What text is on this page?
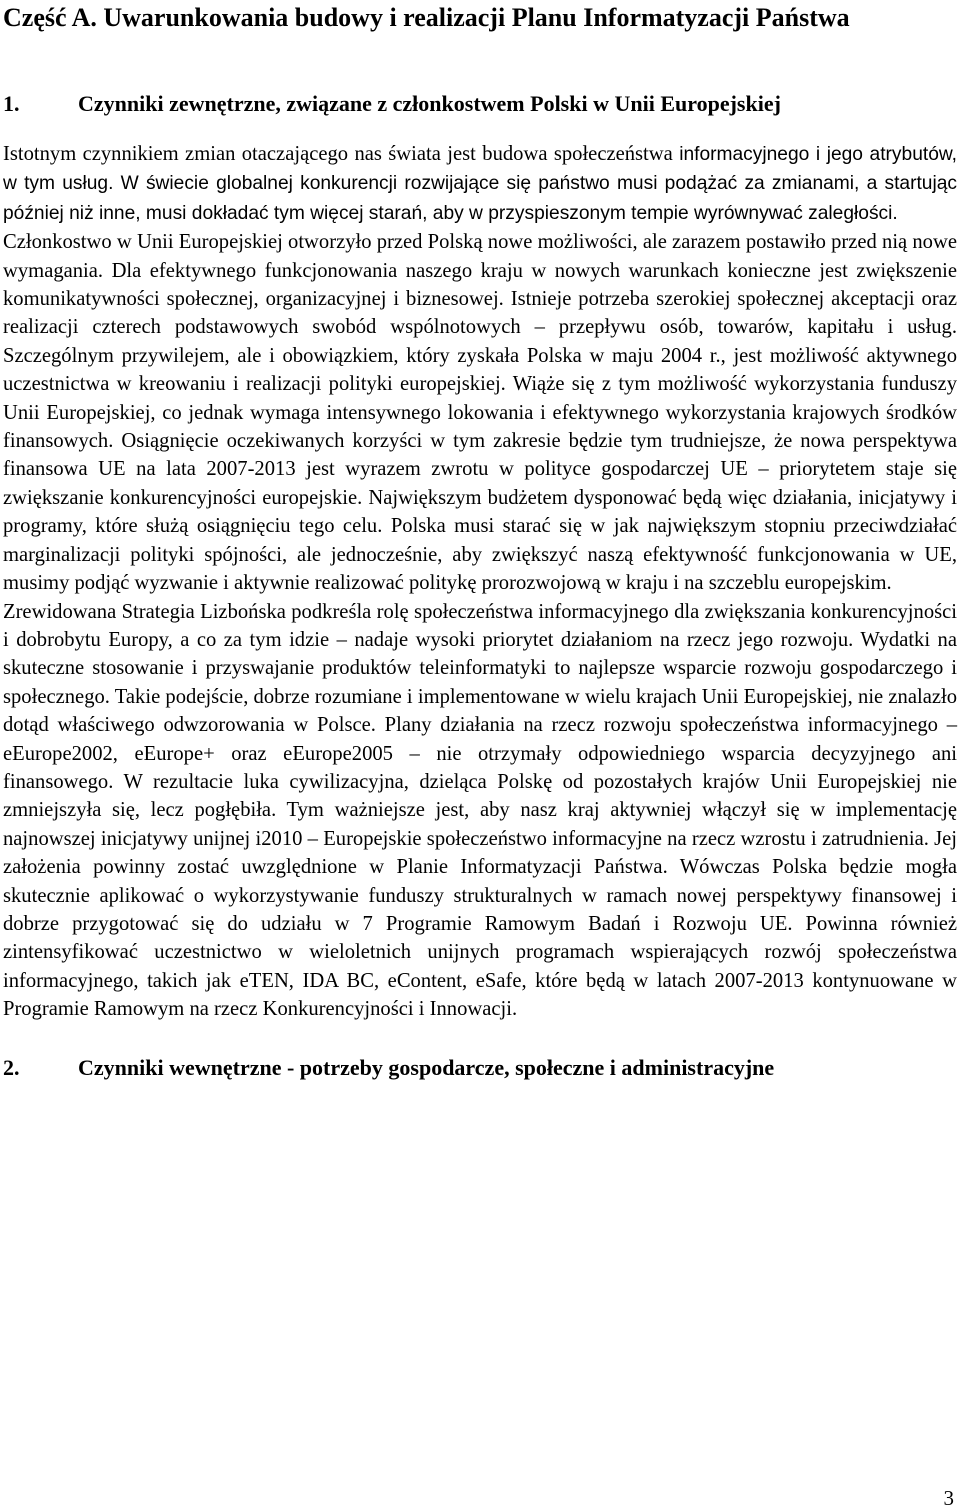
Część A. Uwarunkowania budowy i realizacji Planu Informatyzacji Państwa
1.	Czynniki zewnętrzne, związane z członkostwem Polski w Unii Europejskiej

Istotnym czynnikiem zmian otaczającego nas świata jest budowa społeczeństwa informacyjnego i jego atrybutów, w tym usług. W świecie globalnej konkurencji rozwijające się państwo musi podążać za zmianami, a startując później niż inne, musi dokładać tym więcej starań, aby w przyspieszonym tempie wyrównywać zaległości.

Członkostwo w Unii Europejskiej otworzyło przed Polską nowe możliwości, ale zarazem postawiło przed nią nowe wymagania. Dla efektywnego funkcjonowania naszego kraju w nowych warunkach konieczne jest zwiększenie komunikatywności społecznej, organizacyjnej i biznesowej. Istnieje potrzeba szerokiej społecznej akceptacji oraz realizacji czterech podstawowych swobód wspólnotowych – przepływu osób, towarów, kapitału i usług. Szczególnym przywilejem, ale i obowiązkiem, który zyskała Polska w maju 2004 r., jest możliwość aktywnego uczestnictwa w kreowaniu i realizacji polityki europejskiej. Wiąże się z tym możliwość wykorzystania funduszy Unii Europejskiej, co jednak wymaga intensywnego lokowania i efektywnego wykorzystania krajowych środków finansowych. Osiągnięcie oczekiwanych korzyści w tym zakresie będzie tym trudniejsze, że nowa perspektywa finansowa UE na lata 2007-2013 jest wyrazem zwrotu w polityce gospodarczej UE – priorytetem staje się zwiększanie konkurencyjności europejskie. Największym budżetem dysponować będą więc działania, inicjatywy i programy, które służą osiągnięciu tego celu. Polska musi starać się w jak największym stopniu przeciwdziałać marginalizacji polityki spójności, ale jednocześnie, aby zwiększyć naszą efektywność funkcjonowania w UE, musimy podjąć wyzwanie i aktywnie realizować politykę prorozwojową w kraju i na szczeblu europejskim.

Zrewidowana Strategia Lizbońska podkreśla rolę społeczeństwa informacyjnego dla zwiększania konkurencyjności i dobrobytu Europy, a co za tym idzie – nadaje wysoki priorytet działaniom na rzecz jego rozwoju. Wydatki na skuteczne stosowanie i przyswajanie produktów teleinformatyki to najlepsze wsparcie rozwoju gospodarczego i społecznego. Takie podejście, dobrze rozumiane i implementowane w wielu krajach Unii Europejskiej, nie znalazło dotąd właściwego odwzorowania w Polsce. Plany działania na rzecz rozwoju społeczeństwa informacyjnego – eEurope2002, eEurope+ oraz eEurope2005 – nie otrzymały odpowiedniego wsparcia decyzyjnego ani finansowego. W rezultacie luka cywilizacyjna, dzieląca Polskę od pozostałych krajów Unii Europejskiej nie zmniejszyła się, lecz pogłębiła. Tym ważniejsze jest, aby nasz kraj aktywniej włączył się w implementację najnowszej inicjatywy unijnej i2010 – Europejskie społeczeństwo informacyjne na rzecz wzrostu i zatrudnienia. Jej założenia powinny zostać uwzględnione w Planie Informatyzacji Państwa. Wówczas Polska będzie mogła skutecznie aplikować o wykorzystywanie funduszy strukturalnych w ramach nowej perspektywy finansowej i dobrze przygotować się do udziału w 7 Programie Ramowym Badań i Rozwoju UE. Powinna również zintensyfikować uczestnictwo w wieloletnich unijnych programach wspierających rozwój społeczeństwa informacyjnego, takich jak eTEN, IDA BC, eContent, eSafe, które będą w latach 2007-2013 kontynuowane w Programie Ramowym na rzecz Konkurencyjności i Innowacji.

2.	Czynniki wewnętrzne - potrzeby gospodarcze, społeczne i administracyjne
3
